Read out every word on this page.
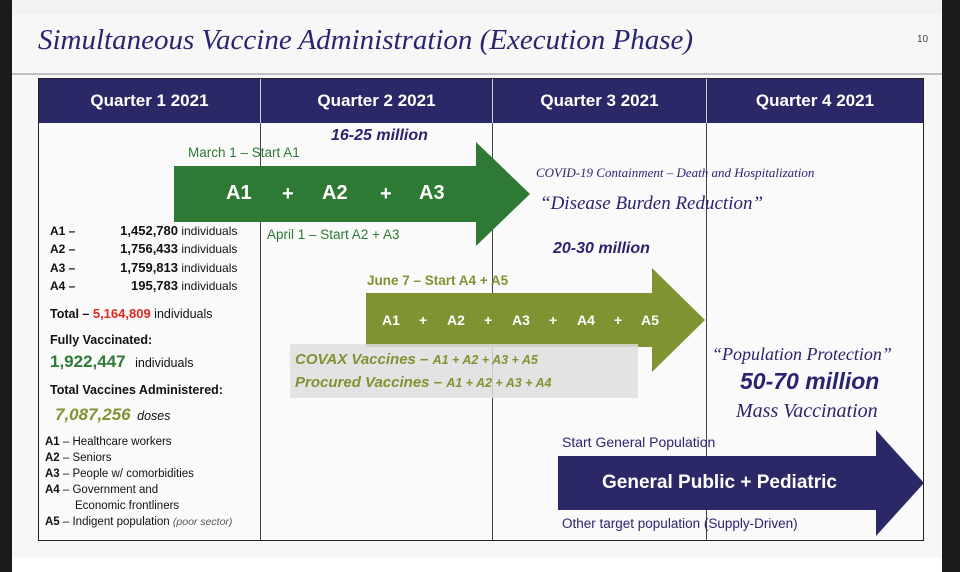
Simultaneous Vaccine Administration (Execution Phase)	10
Quarter 1 2021	Quarter 2 2021	Quarter 3 2021	Quarter 4 2021
March 1 – Start A1
16-25 million
A1 + A2 + A3
April 1 – Start A2 + A3
COVID-19 Containment – Death and Hospitalization
“Disease Burden Reduction”
20-30 million
June 7 – Start A4 + A5
A1 + A2 + A3 + A4 + A5
COVAX Vaccines – A1 + A2 + A3 + A5
Procured Vaccines – A1 + A2 + A3 + A4
“Population Protection”
50-70 million
Mass Vaccination
Start General Population
General Public + Pediatric
Other target population (Supply-Driven)
A1 –	1,452,780 individuals
A2 –	1,756,433 individuals
A3 –	1,759,813 individuals
A4 –	195,783 individuals
Total – 5,164,809 individuals
Fully Vaccinated:
1,922,447 individuals
Total Vaccines Administered:
7,087,256 doses
A1 – Healthcare workers
A2 – Seniors
A3 – People w/ comorbidities
A4 – Government and
Economic frontliners
A5 – Indigent population (poor sector)
